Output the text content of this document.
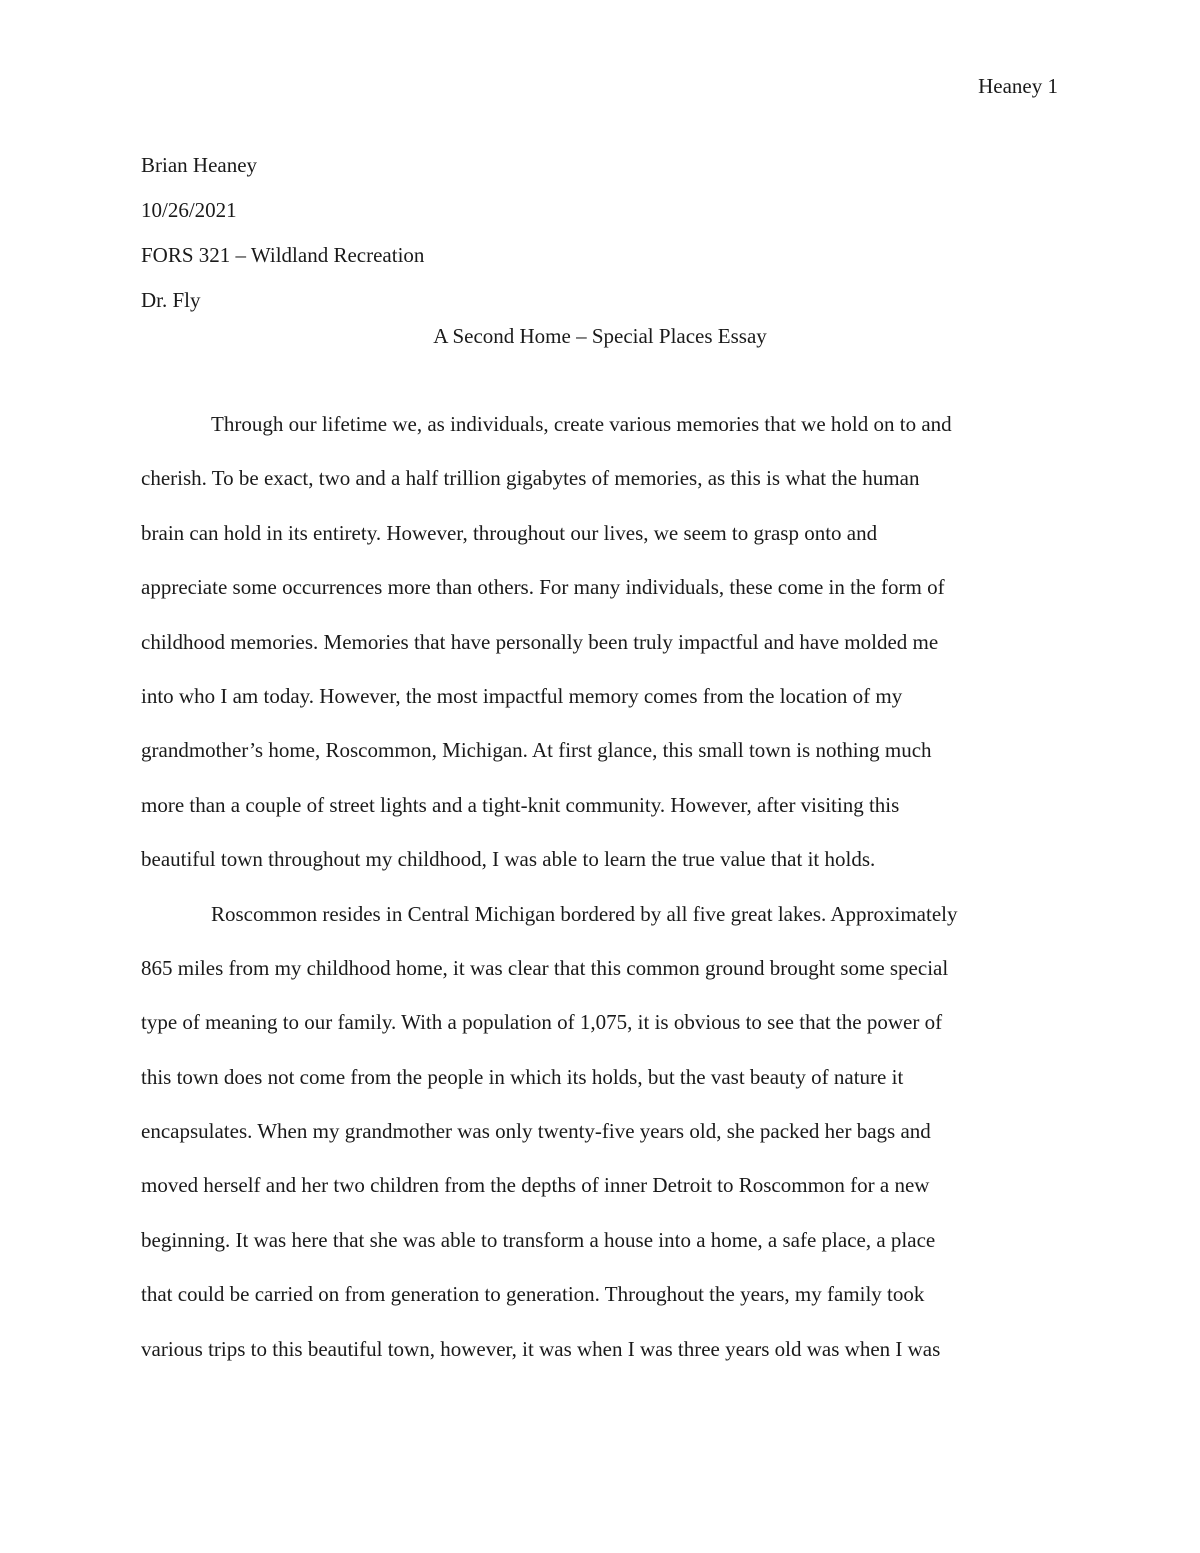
Heaney 1
Brian Heaney
10/26/2021
FORS 321 – Wildland Recreation
Dr. Fly
A Second Home – Special Places Essay
Through our lifetime we, as individuals, create various memories that we hold on to and
cherish. To be exact, two and a half trillion gigabytes of memories, as this is what the human
brain can hold in its entirety. However, throughout our lives, we seem to grasp onto and
appreciate some occurrences more than others. For many individuals, these come in the form of
childhood memories. Memories that have personally been truly impactful and have molded me
into who I am today. However, the most impactful memory comes from the location of my
grandmother’s home, Roscommon, Michigan. At first glance, this small town is nothing much
more than a couple of street lights and a tight-knit community. However, after visiting this
beautiful town throughout my childhood, I was able to learn the true value that it holds.
Roscommon resides in Central Michigan bordered by all five great lakes. Approximately
865 miles from my childhood home, it was clear that this common ground brought some special
type of meaning to our family. With a population of 1,075, it is obvious to see that the power of
this town does not come from the people in which its holds, but the vast beauty of nature it
encapsulates. When my grandmother was only twenty-five years old, she packed her bags and
moved herself and her two children from the depths of inner Detroit to Roscommon for a new
beginning. It was here that she was able to transform a house into a home, a safe place, a place
that could be carried on from generation to generation. Throughout the years, my family took
various trips to this beautiful town, however, it was when I was three years old was when I was
